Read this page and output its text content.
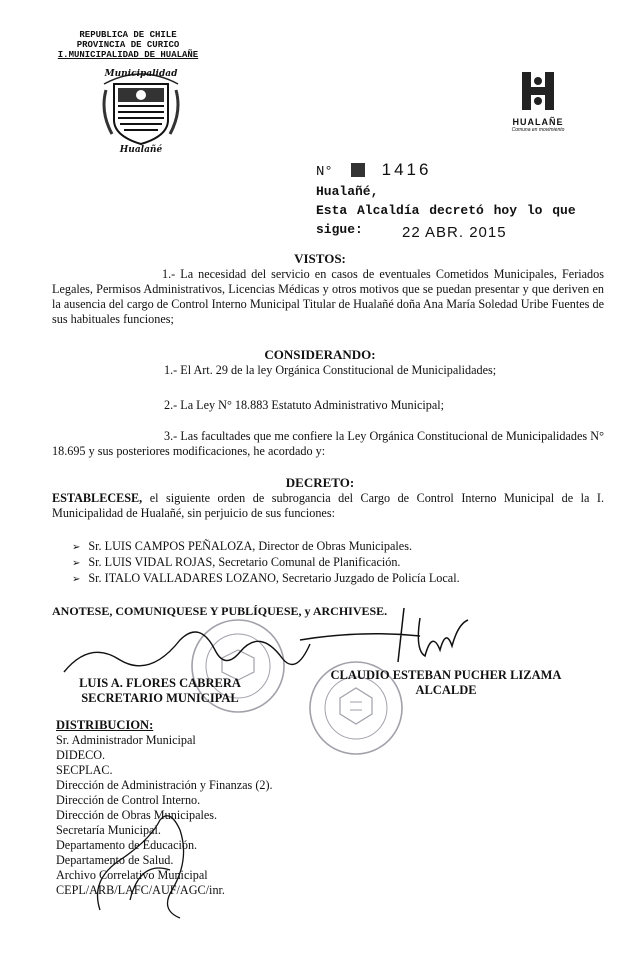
REPUBLICA DE CHILE
PROVINCIA DE CURICO
I.MUNICIPALIDAD DE HUALAÑE
Municipalidad
Hualañé
HUALAÑE
Comuna en movimiento
N°	1416
Hualañé,
Esta Alcaldía decretó hoy lo que
sigue:	22 ABR. 2015
VISTOS:
1.- La necesidad del servicio en casos de eventuales Cometidos Municipales, Feriados Legales, Permisos Administrativos, Licencias Médicas y otros motivos que se puedan presentar y que deriven en la ausencia del cargo de Control Interno Municipal Titular de Hualañé doña Ana María Soledad Uribe Fuentes de sus habituales funciones;
CONSIDERANDO:
1.- El Art. 29 de la ley Orgánica Constitucional de Municipalidades;
2.- La Ley N° 18.883 Estatuto Administrativo Municipal;
3.- Las facultades que me confiere la Ley Orgánica Constitucional de Municipalidades N° 18.695 y sus posteriores modificaciones, he acordado y:
DECRETO:
ESTABLECESE, el siguiente orden de subrogancia del Cargo de Control Interno Municipal de la I. Municipalidad de Hualañé, sin perjuicio de sus funciones:
➢ Sr. LUIS CAMPOS PEÑALOZA, Director de Obras Municipales.
➢ Sr. LUIS VIDAL ROJAS, Secretario Comunal de Planificación.
➢ Sr. ITALO VALLADARES LOZANO, Secretario Juzgado de Policía Local.
ANOTESE, COMUNIQUESE Y PUBLÍQUESE, y ARCHIVESE.
LUIS A. FLORES CABRERA
SECRETARIO MUNICIPAL
CLAUDIO ESTEBAN PUCHER LIZAMA
ALCALDE
DISTRIBUCION:
Sr. Administrador Municipal
DIDECO.
SECPLAC.
Dirección de Administración y Finanzas (2).
Dirección de Control Interno.
Dirección de Obras Municipales.
Secretaría Municipal.
Departamento de Educación.
Departamento de Salud.
Archivo Correlativo Municipal
CEPL/ARB/LAFC/AUF/AGC/inr.
